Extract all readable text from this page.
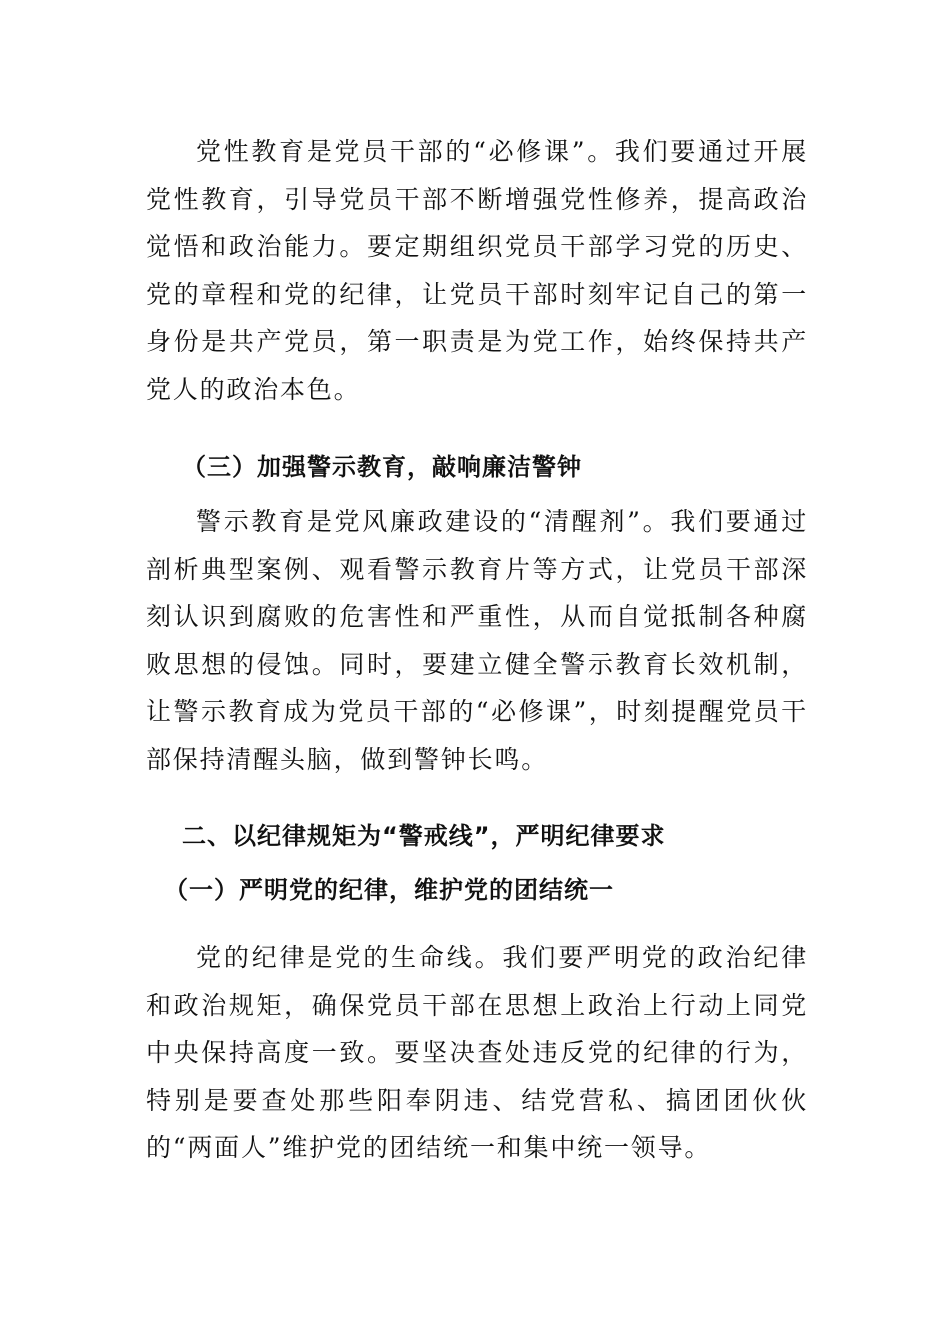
党性教育是党员干部的“必修课”。我们要通过开展党性教育，引导党员干部不断增强党性修养，提高政治觉悟和政治能力。要定期组织党员干部学习党的历史、党的章程和党的纪律，让党员干部时刻牢记自己的第一身份是共产党员，第一职责是为党工作，始终保持共产党人的政治本色。

（三）加强警示教育，敲响廉洁警钟

警示教育是党风廉政建设的“清醒剂”。我们要通过剖析典型案例、观看警示教育片等方式，让党员干部深刻认识到腐败的危害性和严重性，从而自觉抵制各种腐败思想的侵蚀。同时，要建立健全警示教育长效机制，让警示教育成为党员干部的“必修课”，时刻提醒党员干部保持清醒头脑，做到警钟长鸣。

二、以纪律规矩为“警戒线”，严明纪律要求
（一）严明党的纪律，维护党的团结统一

党的纪律是党的生命线。我们要严明党的政治纪律和政治规矩，确保党员干部在思想上政治上行动上同党中央保持高度一致。要坚决查处违反党的纪律的行为，特别是要查处那些阳奉阴违、结党营私、搞团团伙伙的“两面人”维护党的团结统一和集中统一领导。
